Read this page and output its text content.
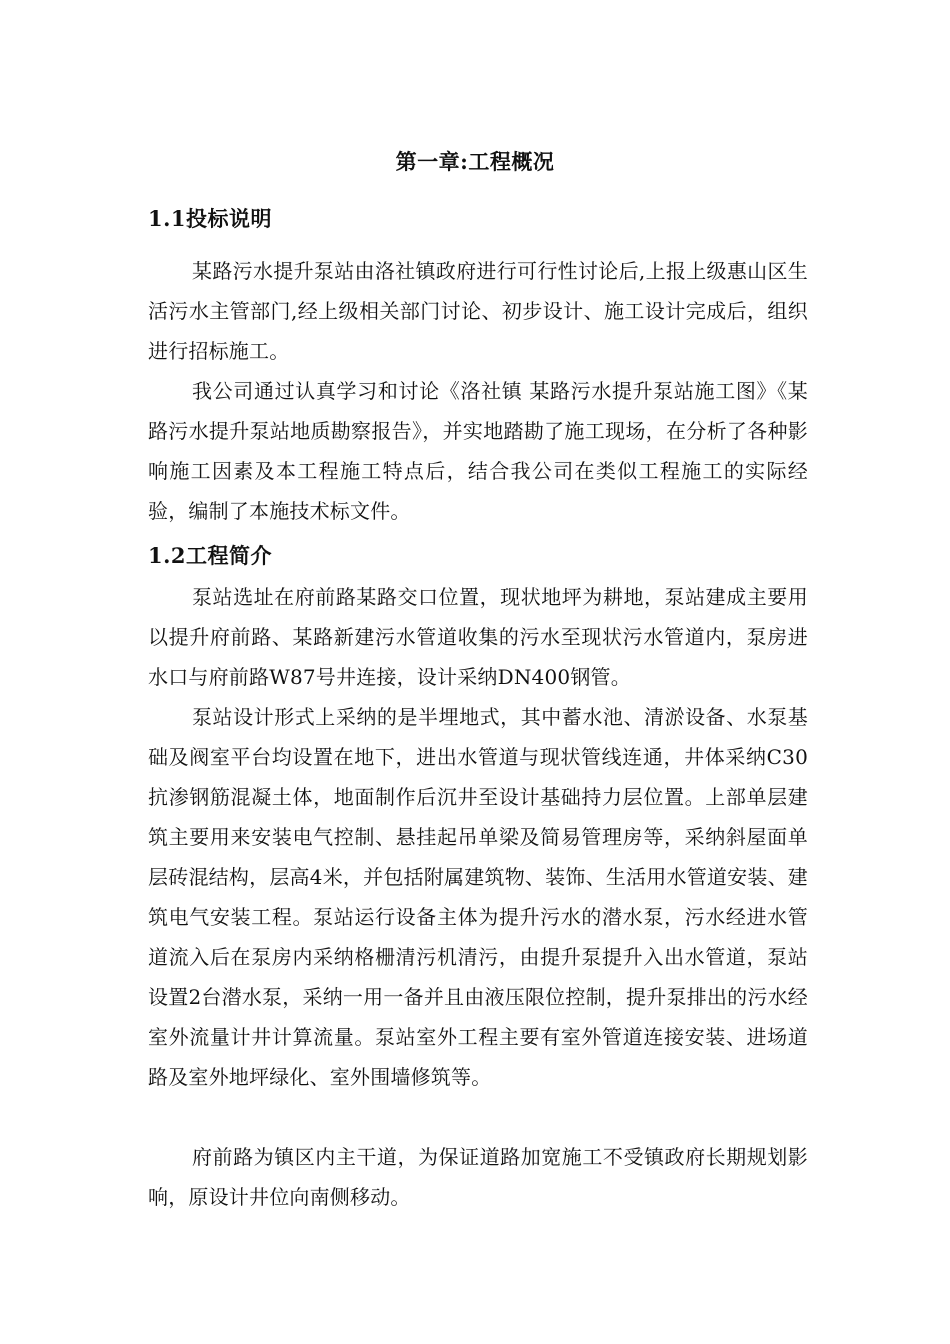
第一章:工程概况
1.1投标说明

某路污水提升泵站由洛社镇政府进行可行性讨论后,上报上级惠山区生活污水主管部门,经上级相关部门讨论、初步设计、施工设计完成后，组织进行招标施工。

我公司通过认真学习和讨论《洛社镇 某路污水提升泵站施工图》《某路污水提升泵站地质勘察报告》，并实地踏勘了施工现场，在分析了各种影响施工因素及本工程施工特点后，结合我公司在类似工程施工的实际经验，编制了本施技术标文件。

1.2工程简介

泵站选址在府前路某路交口位置，现状地坪为耕地，泵站建成主要用以提升府前路、某路新建污水管道收集的污水至现状污水管道内，泵房进水口与府前路W87号井连接，设计采纳DN400钢管。

泵站设计形式上采纳的是半埋地式，其中蓄水池、清淤设备、水泵基础及阀室平台均设置在地下，进出水管道与现状管线连通，井体采纳C30抗渗钢筋混凝土体，地面制作后沉井至设计基础持力层位置。上部单层建筑主要用来安装电气控制、悬挂起吊单梁及简易管理房等，采纳斜屋面单层砖混结构，层高4米，并包括附属建筑物、装饰、生活用水管道安装、建筑电气安装工程。泵站运行设备主体为提升污水的潜水泵，污水经进水管道流入后在泵房内采纳格栅清污机清污，由提升泵提升入出水管道，泵站设置2台潜水泵，采纳一用一备并且由液压限位控制，提升泵排出的污水经室外流量计井计算流量。泵站室外工程主要有室外管道连接安装、进场道路及室外地坪绿化、室外围墙修筑等。

府前路为镇区内主干道，为保证道路加宽施工不受镇政府长期规划影响，原设计井位向南侧移动。
